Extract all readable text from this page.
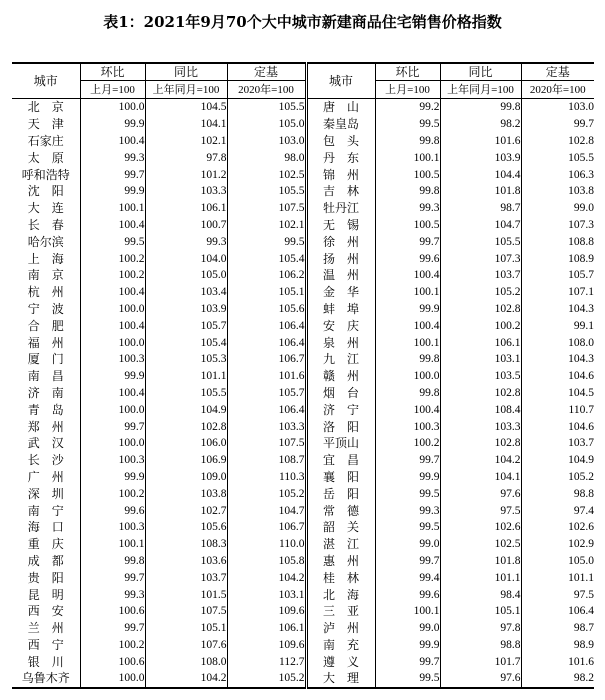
表1：2021年9月70个大中城市新建商品住宅销售价格指数
城市	环比	同比	定基	城市	环比	同比	定基
	上月=100	上年同月=100	2020年=100		上月=100	上年同月=100	2020年=100
北　京	100.0	104.5	105.5	唐　山	99.2	99.8	103.0
天　津	99.9	104.1	105.0	秦皇岛	99.5	98.2	99.7
石家庄	100.4	102.1	103.0	包　头	99.8	101.6	102.8
太　原	99.3	97.8	98.0	丹　东	100.1	103.9	105.5
呼和浩特	99.7	101.2	102.5	锦　州	100.5	104.4	106.3
沈　阳	99.9	103.3	105.5	吉　林	99.8	101.8	103.8
大　连	100.1	106.1	107.5	牡丹江	99.3	98.7	99.0
长　春	100.4	100.7	102.1	无　锡	100.5	104.7	107.3
哈尔滨	99.5	99.3	99.5	徐　州	99.7	105.5	108.8
上　海	100.2	104.0	105.4	扬　州	99.6	107.3	108.9
南　京	100.2	105.0	106.2	温　州	100.4	103.7	105.7
杭　州	100.4	103.4	105.1	金　华	100.1	105.2	107.1
宁　波	100.0	103.9	105.6	蚌　埠	99.9	102.8	104.3
合　肥	100.4	105.7	106.4	安　庆	100.4	100.2	99.1
福　州	100.0	105.4	106.4	泉　州	100.1	106.1	108.0
厦　门	100.3	105.3	106.7	九　江	99.8	103.1	104.3
南　昌	99.9	101.1	101.6	赣　州	100.0	103.5	104.6
济　南	100.4	105.5	105.7	烟　台	99.8	102.8	104.5
青　岛	100.0	104.9	106.4	济　宁	100.4	108.4	110.7
郑　州	99.7	102.8	103.3	洛　阳	100.3	103.3	104.6
武　汉	100.0	106.0	107.5	平顶山	100.2	102.8	103.7
长　沙	100.3	106.9	108.7	宜　昌	99.7	104.2	104.9
广　州	99.9	109.0	110.3	襄　阳	99.9	104.1	105.2
深　圳	100.2	103.8	105.2	岳　阳	99.5	97.6	98.8
南　宁	99.6	102.7	104.7	常　德	99.3	97.5	97.4
海　口	100.3	105.6	106.7	韶　关	99.5	102.6	102.6
重　庆	100.1	108.3	110.0	湛　江	99.0	102.5	102.9
成　都	99.8	103.6	105.8	惠　州	99.7	101.8	105.0
贵　阳	99.7	103.7	104.2	桂　林	99.4	101.1	101.1
昆　明	99.3	101.5	103.1	北　海	99.6	98.4	97.5
西　安	100.6	107.5	109.6	三　亚	100.1	105.1	106.4
兰　州	99.7	105.1	106.1	泸　州	99.0	97.8	98.7
西　宁	100.2	107.6	109.6	南　充	99.9	98.8	98.9
银　川	100.6	108.0	112.7	遵　义	99.7	101.7	101.6
乌鲁木齐	100.0	104.2	105.2	大　理	99.5	97.6	98.2
